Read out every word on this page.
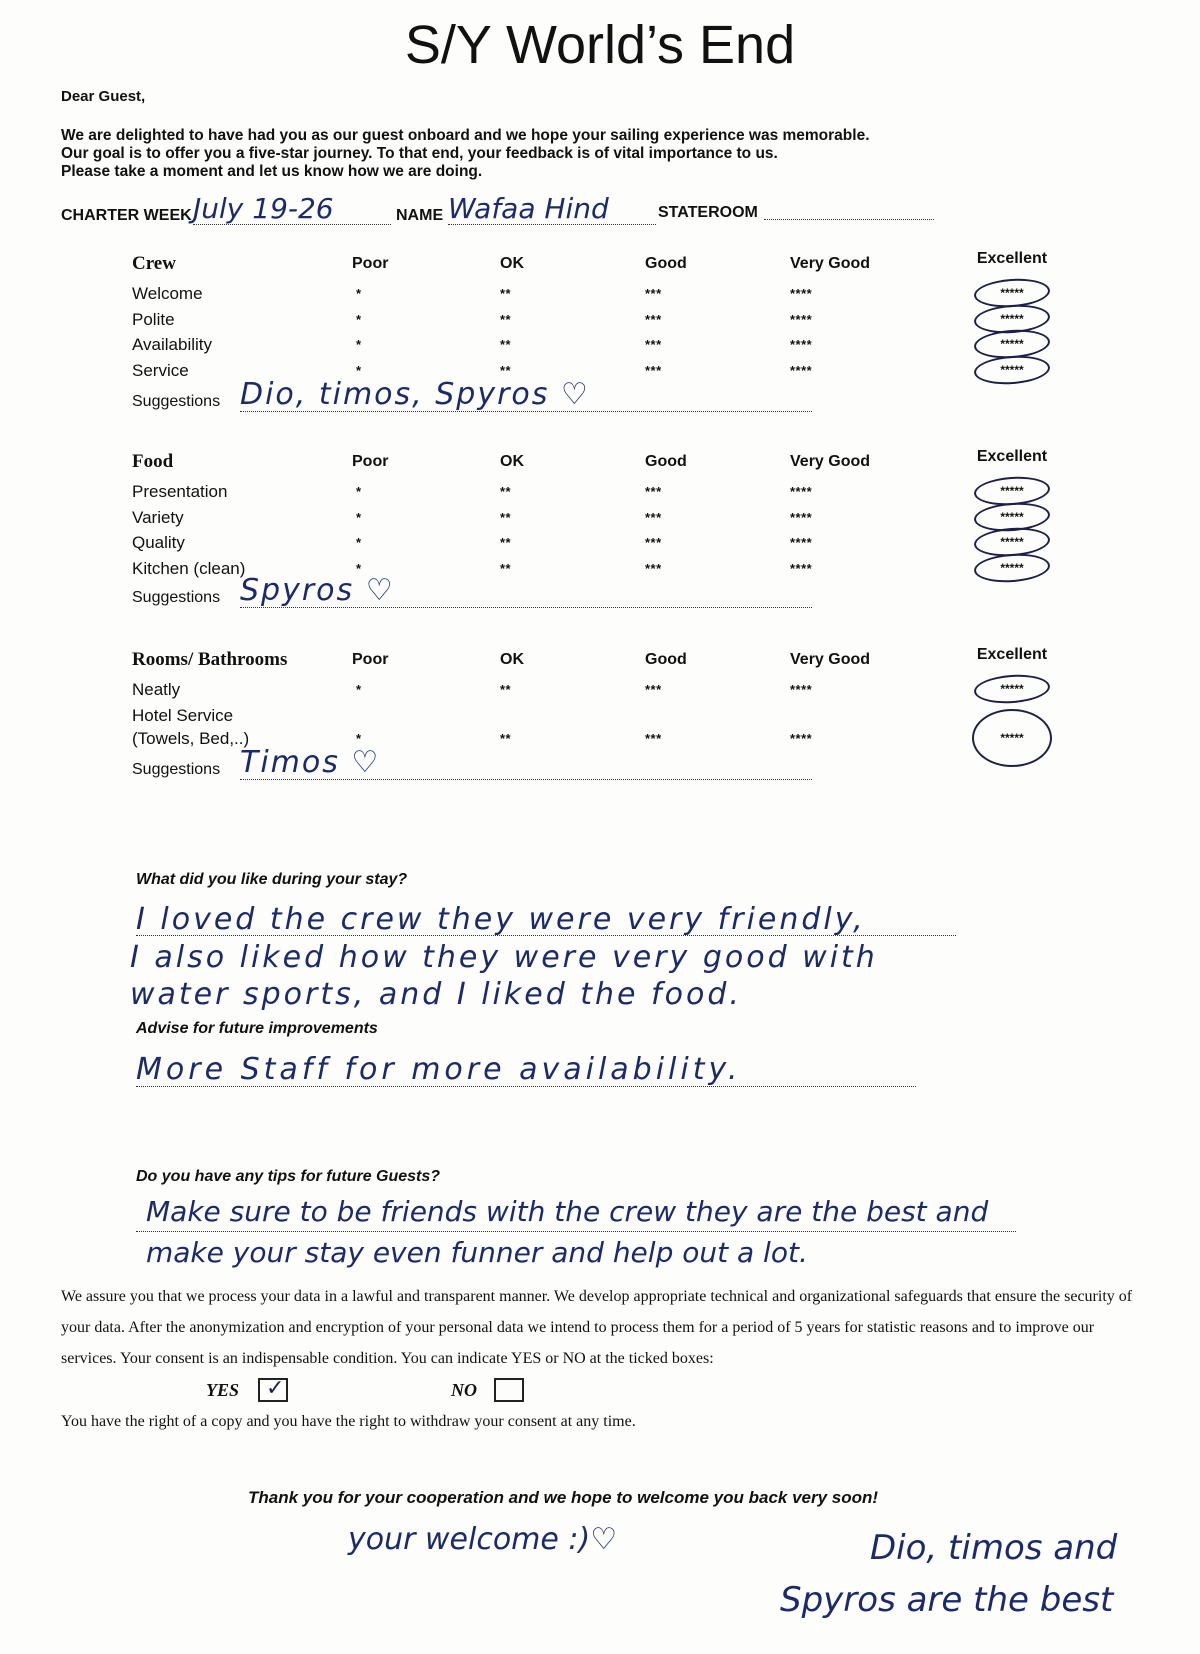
S/Y World’s End
Dear Guest,
We are delighted to have had you as our guest onboard and we hope your sailing experience was memorable.
Our goal is to offer you a five-star journey. To that end, your feedback is of vital importance to us.
Please take a moment and let us know how we are doing.
CHARTER WEEK July 19-26	NAME Wafaa Hind	STATEROOM
Crew	Poor	OK	Good	Very Good	Excellent
Welcome	*	**	***	****	*****
Polite	*	**	***	****	*****
Availability	*	**	***	****	*****
Service	*	**	***	****	*****
Suggestions Dio, timos, Spyros ♡
Food	Poor	OK	Good	Very Good	Excellent
Presentation	*	**	***	****	*****
Variety	*	**	***	****	*****
Quality	*	**	***	****	*****
Kitchen (clean)	*	**	***	****	*****
Suggestions Spyros ♡
Rooms/ Bathrooms	Poor	OK	Good	Very Good	Excellent
Neatly	*	**	***	****	*****
Hotel Service
(Towels, Bed,..)	*	**	***	****	*****
Suggestions Timos ♡
What did you like during your stay?
I loved the crew they were very friendly,
I also liked how they were very good with
water sports, and I liked the food.
Advise for future improvements
More Staff for more availability.
Do you have any tips for future Guests?
Make sure to be friends with the crew they are the best and
make your stay even funner and help out a lot.
We assure you that we process your data in a lawful and transparent manner. We develop appropriate technical and organizational safeguards that ensure the security of your data. After the anonymization and encryption of your personal data we intend to process them for a period of 5 years for statistic reasons and to improve our services. Your consent is an indispensable condition. You can indicate YES or NO at the ticked boxes:
YES ✓	NO
You have the right of a copy and you have the right to withdraw your consent at any time.
Thank you for your cooperation and we hope to welcome you back very soon!
your welcome :)♡	Dio, timos and
Spyros are the best
